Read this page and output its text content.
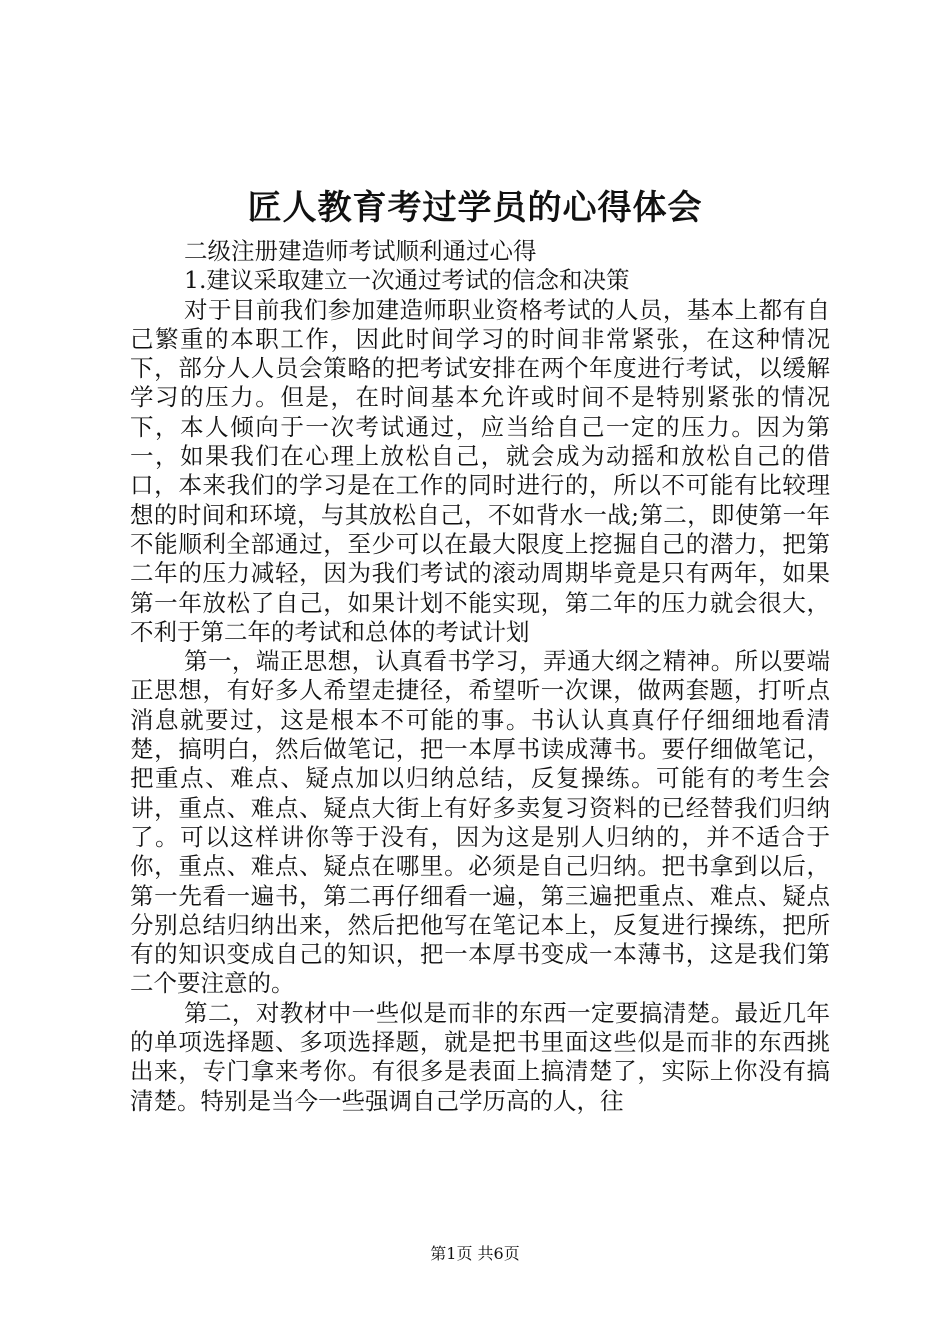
匠人教育考过学员的心得体会

二级注册建造师考试顺利通过心得

1.建议采取建立一次通过考试的信念和决策

对于目前我们参加建造师职业资格考试的人员，基本上都有自己繁重的本职工作，因此时间学习的时间非常紧张，在这种情况下，部分人人员会策略的把考试安排在两个年度进行考试，以缓解学习的压力。但是，在时间基本允许或时间不是特别紧张的情况下，本人倾向于一次考试通过，应当给自己一定的压力。因为第一，如果我们在心理上放松自己，就会成为动摇和放松自己的借口，本来我们的学习是在工作的同时进行的，所以不可能有比较理想的时间和环境，与其放松自己，不如背水一战;第二，即使第一年不能顺利全部通过，至少可以在最大限度上挖掘自己的潜力，把第二年的压力减轻，因为我们考试的滚动周期毕竟是只有两年，如果第一年放松了自己，如果计划不能实现，第二年的压力就会很大，不利于第二年的考试和总体的考试计划

第一，端正思想，认真看书学习，弄通大纲之精神。所以要端正思想，有好多人希望走捷径，希望听一次课，做两套题，打听点消息就要过，这是根本不可能的事。书认认真真仔仔细细地看清楚，搞明白，然后做笔记，把一本厚书读成薄书。要仔细做笔记，把重点、难点、疑点加以归纳总结，反复操练。可能有的考生会讲，重点、难点、疑点大街上有好多卖复习资料的已经替我们归纳了。可以这样讲你等于没有，因为这是别人归纳的，并不适合于你，重点、难点、疑点在哪里。必须是自己归纳。把书拿到以后，第一先看一遍书，第二再仔细看一遍，第三遍把重点、难点、疑点分别总结归纳出来，然后把他写在笔记本上，反复进行操练，把所有的知识变成自己的知识，把一本厚书变成一本薄书，这是我们第二个要注意的。

第二，对教材中一些似是而非的东西一定要搞清楚。最近几年的单项选择题、多项选择题，就是把书里面这些似是而非的东西挑出来，专门拿来考你。有很多是表面上搞清楚了，实际上你没有搞清楚。特别是当今一些强调自己学历高的人，往

第1页 共6页
